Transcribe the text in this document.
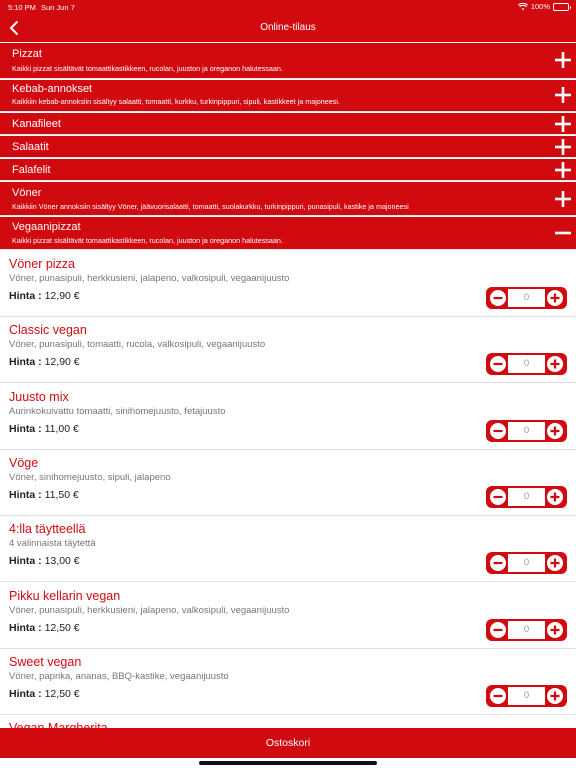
5:10 PM Sun Jun 7	100%
Online-tilaus
Pizzat
Kaikki pizzat sisältävät tomaattikastikkeen, rucolan, juuston ja oreganon halutessaan.
Kebab-annokset
Kaikkiin kebab-annoksiin sisältyy salaatti, tomaatti, kurkku, turkinpippuri, sipuli, kastikkeet ja majoneesi.
Kanafileet
Salaatit
Falafelit
Vöner
Kaikkiin Vöner annoksiin sisältyy Vöner, jäävuorisalaatti, tomaatti, suolakurkku, turkinpippuri, punasipuli, kastike ja majoneesi
Vegaanipizzat
Kaikki pizzat sisältävät tomaattikastikkeen, rucolan, juuston ja oreganon halutessaan.
Vöner pizza
Vöner, punasipuli, herkkusieni, jalapeno, valkosipuli, vegaanijuusto
Hinta : 12,90 €	0
Classic vegan
Vöner, punasipuli, tomaatti, rucola, valkosipuli, vegaanijuusto
Hinta : 12,90 €	0
Juusto mix
Aurinkokuivattu tomaatti, sinihomejuusto, fetajuusto
Hinta : 11,00 €	0
Vöge
Vöner, sinihomejuusto, sipuli, jalapeno
Hinta : 11,50 €	0
4:lla täytteellä
4 valinnaista täytettä
Hinta : 13,00 €	0
Pikku kellarin vegan
Vöner, punasipuli, herkkusieni, jalapeno, valkosipuli, vegaanijuusto
Hinta : 12,50 €	0
Sweet vegan
Vöner, paprika, ananas, BBQ-kastike, vegaanijuusto
Hinta : 12,50 €	0
Ostoskori
